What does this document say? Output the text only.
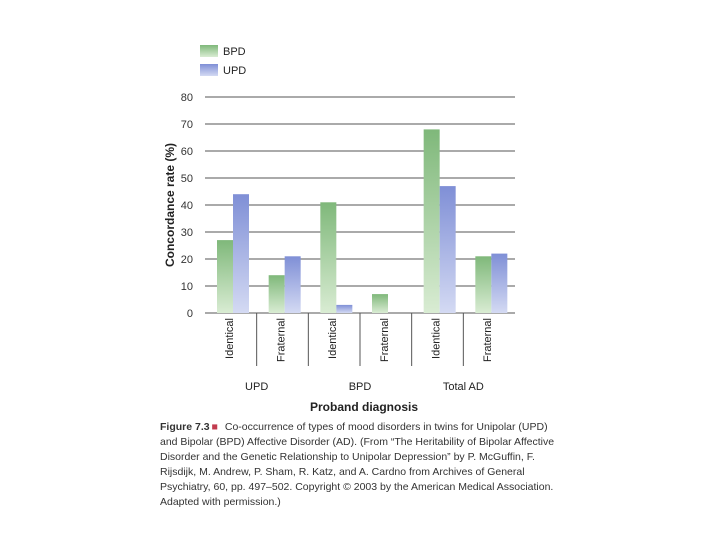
BPD
UPD
Concordance rate (%)
0
10
20
30
40
50
60
70
80
Identical	Fraternal	Identical	Fraternal	Identical	Fraternal
UPD	BPD	Total AD
Proband diagnosis
Figure 7.3 ■ Co-occurrence of types of mood disorders in twins for Unipolar (UPD) and Bipolar (BPD) Affective Disorder (AD). (From “The Heritability of Bipolar Affective Disorder and the Genetic Relationship to Unipolar Depression” by P. McGuffin, F. Rijsdijk, M. Andrew, P. Sham, R. Katz, and A. Cardno from Archives of General Psychiatry, 60, pp. 497–502. Copyright © 2003 by the American Medical Association. Adapted with permission.)
